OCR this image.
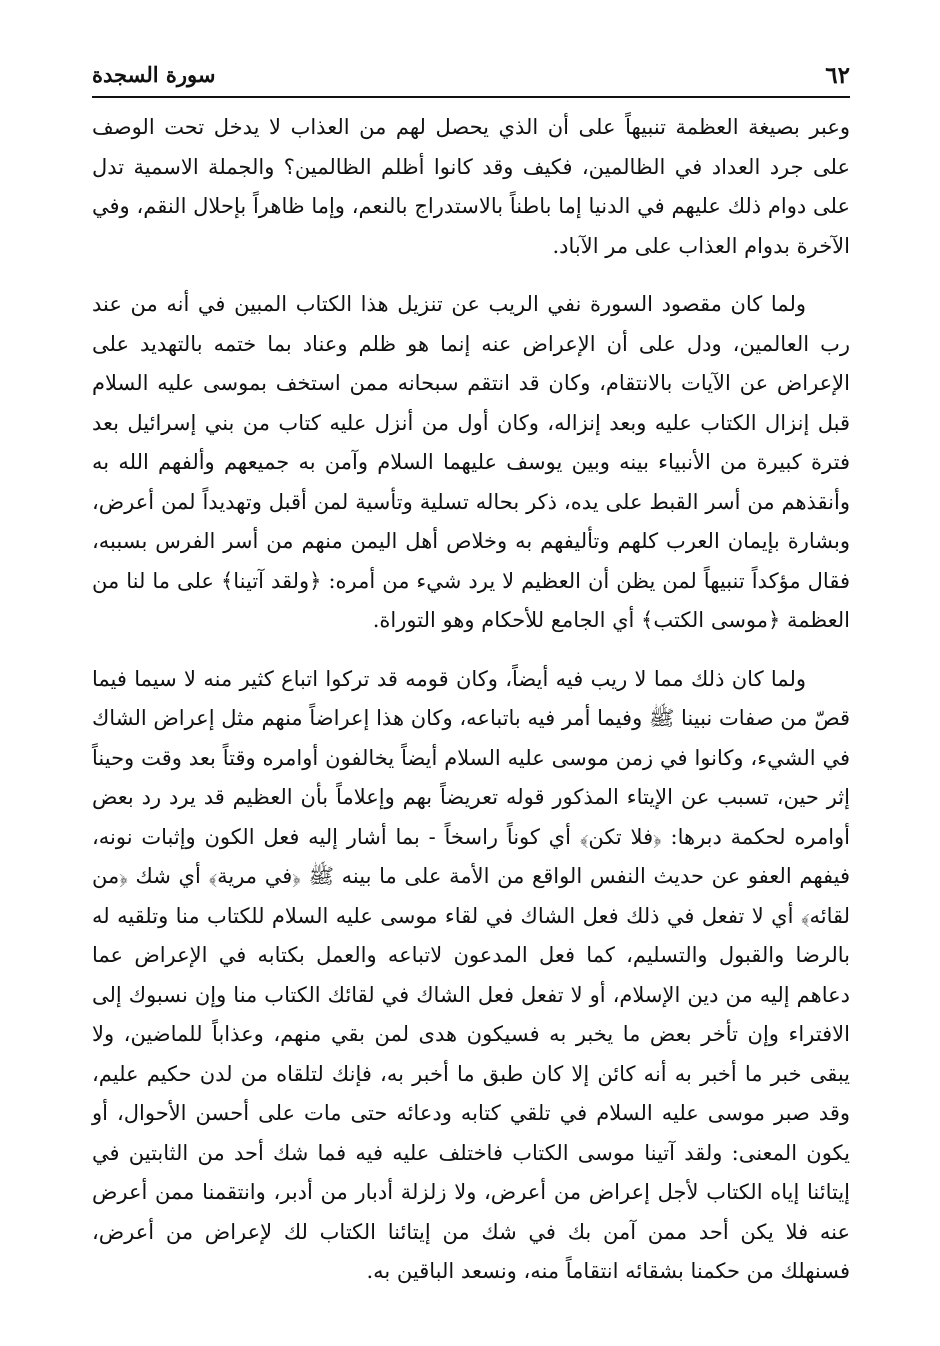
٦٢
سورة السجدة

وعبر بصيغة العظمة تنبيهاً على أن الذي يحصل لهم من العذاب لا يدخل تحت الوصف على جرد العداد في الظالمين، فكيف وقد كانوا أظلم الظالمين؟ والجملة الاسمية تدل على دوام ذلك عليهم في الدنيا إما باطناً بالاستدراج بالنعم، وإما ظاهراً بإحلال النقم، وفي الآخرة بدوام العذاب على مر الآباد.

ولما كان مقصود السورة نفي الريب عن تنزيل هذا الكتاب المبين في أنه من عند رب العالمين، ودل على أن الإعراض عنه إنما هو ظلم وعناد بما ختمه بالتهديد على الإعراض عن الآيات بالانتقام، وكان قد انتقم سبحانه ممن استخف بموسى عليه السلام قبل إنزال الكتاب عليه وبعد إنزاله، وكان أول من أنزل عليه كتاب من بني إسرائيل بعد فترة كبيرة من الأنبياء بينه وبين يوسف عليهما السلام وآمن به جميعهم وألفهم الله به وأنقذهم من أسر القبط على يده، ذكر بحاله تسلية وتأسية لمن أقبل وتهديداً لمن أعرض، وبشارة بإيمان العرب كلهم وتأليفهم به وخلاص أهل اليمن منهم من أسر الفرس بسببه، فقال مؤكداً تنبيهاً لمن يظن أن العظيم لا يرد شيء من أمره: ﴿ولقد آتينا﴾ على ما لنا من العظمة ﴿موسى الكتب﴾ أي الجامع للأحكام وهو التوراة.

ولما كان ذلك مما لا ريب فيه أيضاً، وكان قومه قد تركوا اتباع كثير منه لا سيما فيما قصّ من صفات نبينا ﷺ وفيما أمر فيه باتباعه، وكان هذا إعراضاً منهم مثل إعراض الشاك في الشيء، وكانوا في زمن موسى عليه السلام أيضاً يخالفون أوامره وقتاً بعد وقت وحيناً إثر حين، تسبب عن الإيتاء المذكور قوله تعريضاً بهم وإعلاماً بأن العظيم قد يرد رد بعض أوامره لحكمة دبرها: ﴿فلا تكن﴾ أي كوناً راسخاً - بما أشار إليه فعل الكون وإثبات نونه، فيفهم العفو عن حديث النفس الواقع من الأمة على ما بينه ﷺ ﴿في مرية﴾ أي شك ﴿من لقائه﴾ أي لا تفعل في ذلك فعل الشاك في لقاء موسى عليه السلام للكتاب منا وتلقيه له بالرضا والقبول والتسليم، كما فعل المدعون لاتباعه والعمل بكتابه في الإعراض عما دعاهم إليه من دين الإسلام، أو لا تفعل فعل الشاك في لقائك الكتاب منا وإن نسبوك إلى الافتراء وإن تأخر بعض ما يخبر به فسيكون هدى لمن بقي منهم، وعذاباً للماضين، ولا يبقى خبر ما أخبر به أنه كائن إلا كان طبق ما أخبر به، فإنك لتلقاه من لدن حكيم عليم، وقد صبر موسى عليه السلام في تلقي كتابه ودعائه حتى مات على أحسن الأحوال، أو يكون المعنى: ولقد آتينا موسى الكتاب فاختلف عليه فيه فما شك أحد من الثابتين في إيتائنا إياه الكتاب لأجل إعراض من أعرض، ولا زلزلة أدبار من أدبر، وانتقمنا ممن أعرض عنه فلا يكن أحد ممن آمن بك في شك من إيتائنا الكتاب لك لإعراض من أعرض، فسنهلك من حكمنا بشقائه انتقاماً منه، ونسعد الباقين به.
